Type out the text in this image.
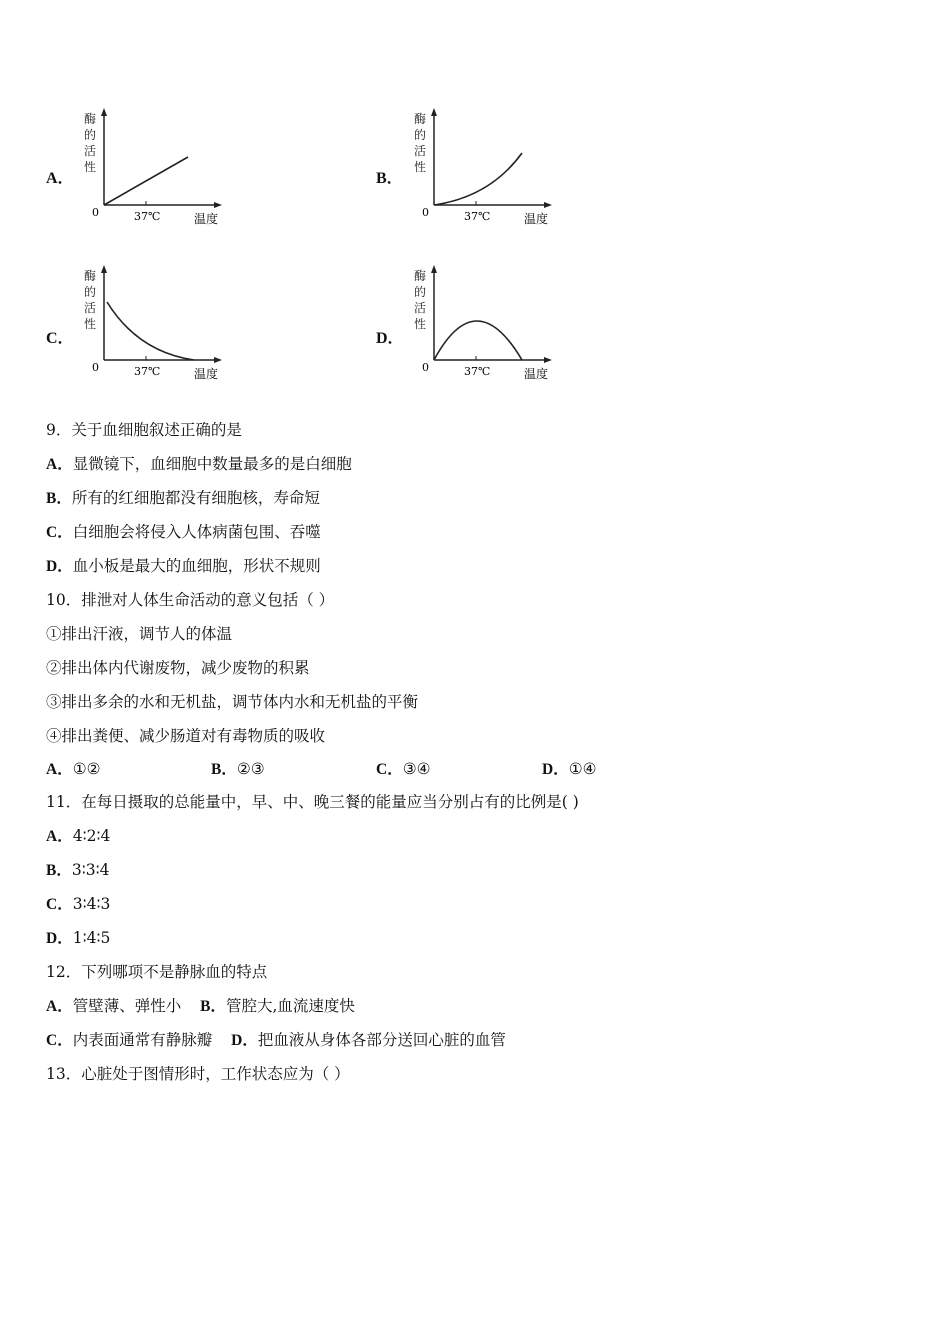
A．
酶
的
活
性
0	37℃	温度
B．
酶
的
活
性
0	37℃	温度
C．
酶
的
活
性
0	37℃	温度
D．
酶
的
活
性
0	37℃	温度
9．关于血细胞叙述正确的是
A．显微镜下，血细胞中数量最多的是白细胞
B．所有的红细胞都没有细胞核，寿命短
C．白细胞会将侵入人体病菌包围、吞噬
D．血小板是最大的血细胞，形状不规则
10．排泄对人体生命活动的意义包括（ ）
①排出汗液，调节人的体温
②排出体内代谢废物，减少废物的积累
③排出多余的水和无机盐，调节体内水和无机盐的平衡
④排出粪便、减少肠道对有毒物质的吸收
A．①②	B．②③	C．③④	D．①④
11．在每日摄取的总能量中，早、中、晚三餐的能量应当分别占有的比例是( )
A．4∶2∶4
B．3∶3∶4
C．3∶4∶3
D．1∶4∶5
12．下列哪项不是静脉血的特点
A．管壁薄、弹性小 B．管腔大,血流速度快
C．内表面通常有静脉瓣 D．把血液从身体各部分送回心脏的血管
13．心脏处于图情形时，工作状态应为（ ）
